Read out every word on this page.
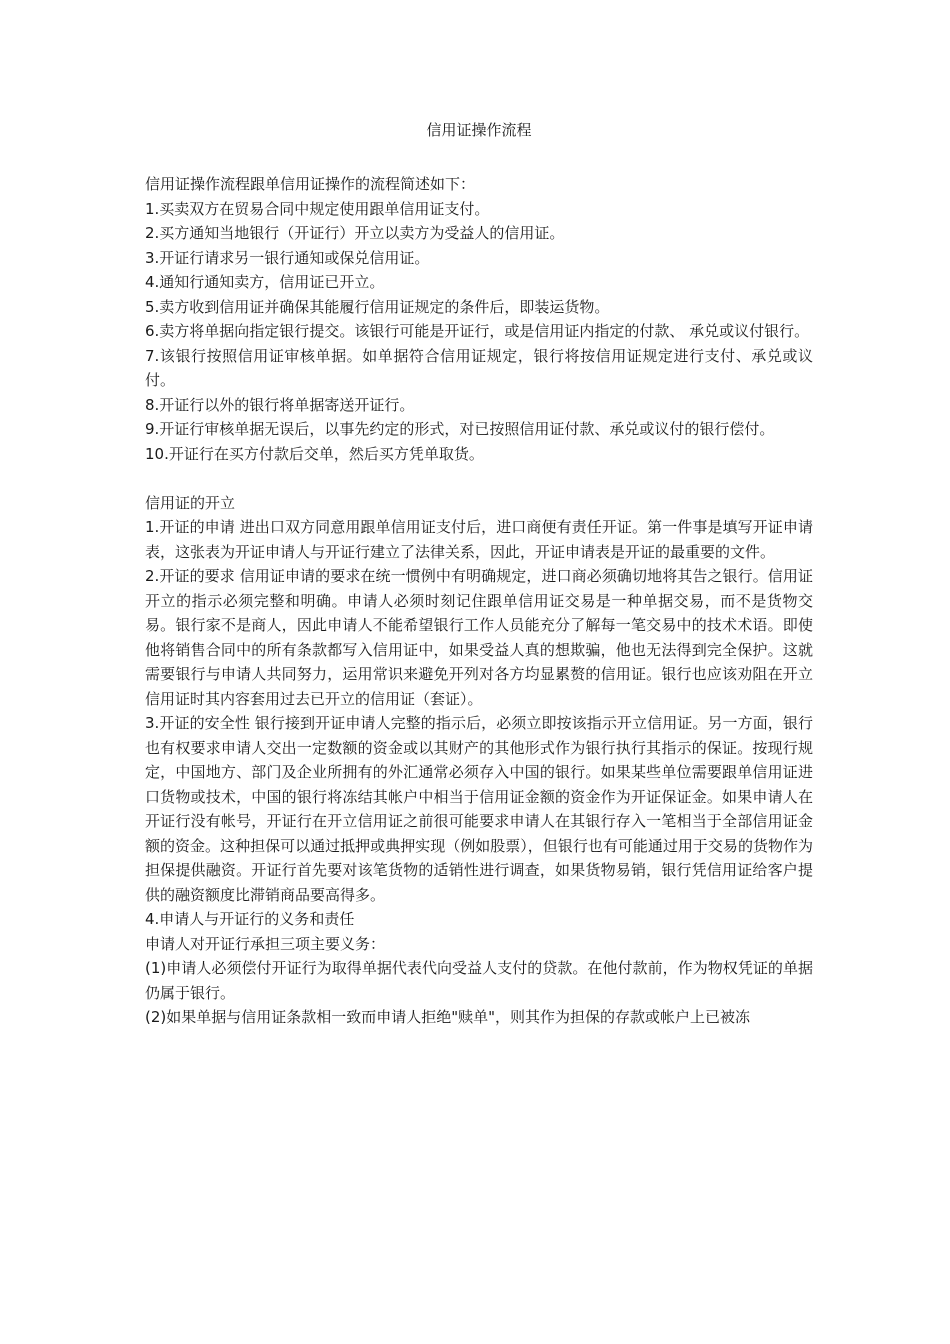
信用证操作流程

信用证操作流程跟单信用证操作的流程简述如下：

1.买卖双方在贸易合同中规定使用跟单信用证支付。

2.买方通知当地银行（开证行）开立以卖方为受益人的信用证。

3.开证行请求另一银行通知或保兑信用证。

4.通知行通知卖方，信用证已开立。

5.卖方收到信用证并确保其能履行信用证规定的条件后，即装运货物。

6.卖方将单据向指定银行提交。该银行可能是开证行，或是信用证内指定的付款、 承兑或议付银行。

7.该银行按照信用证审核单据。如单据符合信用证规定，银行将按信用证规定进行支付、承兑或议付。

8.开证行以外的银行将单据寄送开证行。

9.开证行审核单据无误后，以事先约定的形式，对已按照信用证付款、承兑或议付的银行偿付。

10.开证行在买方付款后交单，然后买方凭单取货。

信用证的开立

1.开证的申请 进出口双方同意用跟单信用证支付后，进口商便有责任开证。第一件事是填写开证申请表，这张表为开证申请人与开证行建立了法律关系，因此，开证申请表是开证的最重要的文件。

2.开证的要求 信用证申请的要求在统一惯例中有明确规定，进口商必须确切地将其告之银行。信用证开立的指示必须完整和明确。申请人必须时刻记住跟单信用证交易是一种单据交易，而不是货物交易。银行家不是商人，因此申请人不能希望银行工作人员能充分了解每一笔交易中的技术术语。即使他将销售合同中的所有条款都写入信用证中，如果受益人真的想欺骗，他也无法得到完全保护。这就需要银行与申请人共同努力，运用常识来避免开列对各方均显累赘的信用证。银行也应该劝阻在开立信用证时其内容套用过去已开立的信用证（套证）。

3.开证的安全性 银行接到开证申请人完整的指示后，必须立即按该指示开立信用证。另一方面，银行也有权要求申请人交出一定数额的资金或以其财产的其他形式作为银行执行其指示的保证。按现行规定，中国地方、部门及企业所拥有的外汇通常必须存入中国的银行。如果某些单位需要跟单信用证进口货物或技术，中国的银行将冻结其帐户中相当于信用证金额的资金作为开证保证金。如果申请人在开证行没有帐号，开证行在开立信用证之前很可能要求申请人在其银行存入一笔相当于全部信用证金额的资金。这种担保可以通过抵押或典押实现（例如股票），但银行也有可能通过用于交易的货物作为担保提供融资。开证行首先要对该笔货物的适销性进行调查，如果货物易销，银行凭信用证给客户提供的融资额度比滞销商品要高得多。

4.申请人与开证行的义务和责任

申请人对开证行承担三项主要义务：

(1)申请人必须偿付开证行为取得单据代表代向受益人支付的贷款。在他付款前，作为物权凭证的单据仍属于银行。

(2)如果单据与信用证条款相一致而申请人拒绝"赎单"，则其作为担保的存款或帐户上已被冻
